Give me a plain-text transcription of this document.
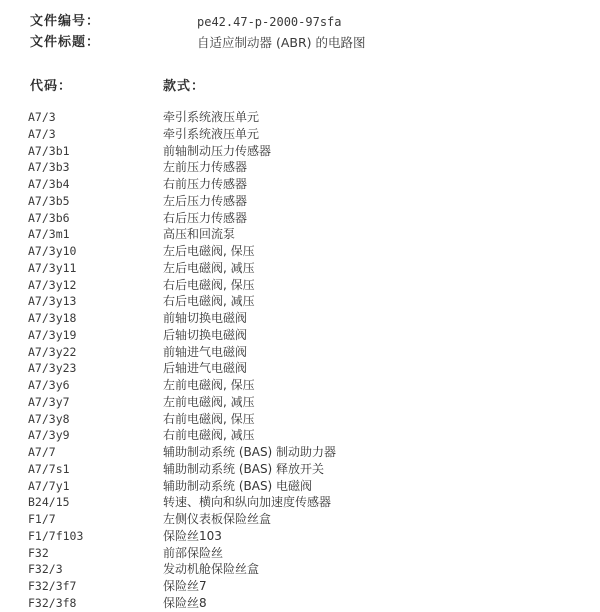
文件编号：	pe42.47-p-2000-97sfa
文件标题：	自适应制动器 (ABR) 的电路图
代码：	款式：
A7/3	牵引系统液压单元
A7/3	牵引系统液压单元
A7/3b1	前轴制动压力传感器
A7/3b3	左前压力传感器
A7/3b4	右前压力传感器
A7/3b5	左后压力传感器
A7/3b6	右后压力传感器
A7/3m1	高压和回流泵
A7/3y10	左后电磁阀, 保压
A7/3y11	左后电磁阀, 减压
A7/3y12	右后电磁阀, 保压
A7/3y13	右后电磁阀, 减压
A7/3y18	前轴切换电磁阀
A7/3y19	后轴切换电磁阀
A7/3y22	前轴进气电磁阀
A7/3y23	后轴进气电磁阀
A7/3y6	左前电磁阀, 保压
A7/3y7	左前电磁阀, 减压
A7/3y8	右前电磁阀, 保压
A7/3y9	右前电磁阀, 减压
A7/7	辅助制动系统 (BAS) 制动助力器
A7/7s1	辅助制动系统 (BAS) 释放开关
A7/7y1	辅助制动系统 (BAS) 电磁阀
B24/15	转速、横向和纵向加速度传感器
F1/7	左侧仪表板保险丝盒
F1/7f103	保险丝103
F32	前部保险丝
F32/3	发动机舱保险丝盒
F32/3f7	保险丝7
F32/3f8	保险丝8
